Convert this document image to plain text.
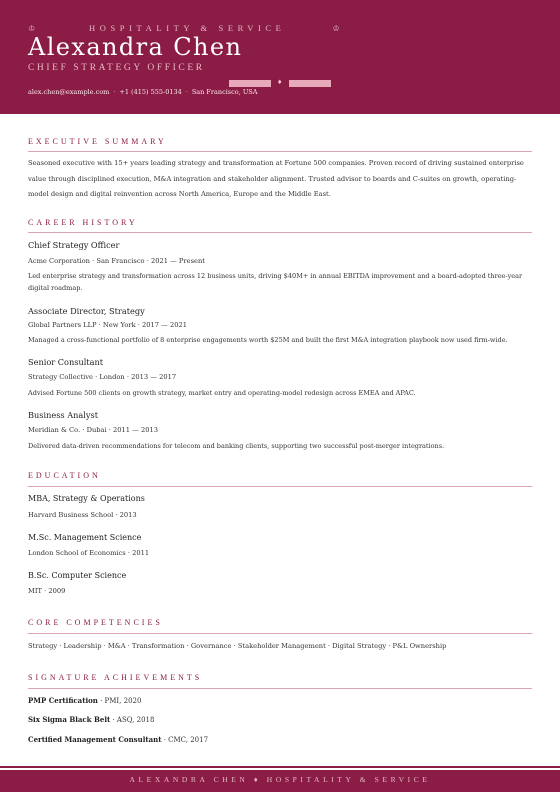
♔	HOSPITALITY & SERVICE	♔
Alexandra Chen
CHIEF STRATEGY OFFICER
♦
alex.chen@example.com · +1 (415) 555-0134 · San Francisco, USA
EXECUTIVE SUMMARY
Seasoned executive with 15+ years leading strategy and transformation at Fortune 500 companies. Proven record of driving sustained enterprise value through disciplined execution, M&A integration and stakeholder alignment. Trusted advisor to boards and C-suites on growth, operating-model design and digital reinvention across North America, Europe and the Middle East.
CAREER HISTORY
Chief Strategy Officer
Acme Corporation · San Francisco · 2021 — Present
Led enterprise strategy and transformation across 12 business units, driving $40M+ in annual EBITDA improvement and a board-adopted three-year digital roadmap.
Associate Director, Strategy
Global Partners LLP · New York · 2017 — 2021
Managed a cross-functional portfolio of 8 enterprise engagements worth $25M and built the first M&A integration playbook now used firm-wide.
Senior Consultant
Strategy Collective · London · 2013 — 2017
Advised Fortune 500 clients on growth strategy, market entry and operating-model redesign across EMEA and APAC.
Business Analyst
Meridian & Co. · Dubai · 2011 — 2013
Delivered data-driven recommendations for telecom and banking clients, supporting two successful post-merger integrations.
EDUCATION
MBA, Strategy & Operations
Harvard Business School · 2013
M.Sc. Management Science
London School of Economics · 2011
B.Sc. Computer Science
MIT · 2009
CORE COMPETENCIES
Strategy · Leadership · M&A · Transformation · Governance · Stakeholder Management · Digital Strategy · P&L Ownership
SIGNATURE ACHIEVEMENTS
PMP Certification · PMI, 2020
Six Sigma Black Belt · ASQ, 2018
Certified Management Consultant · CMC, 2017
ALEXANDRA CHEN ♦ HOSPITALITY & SERVICE
